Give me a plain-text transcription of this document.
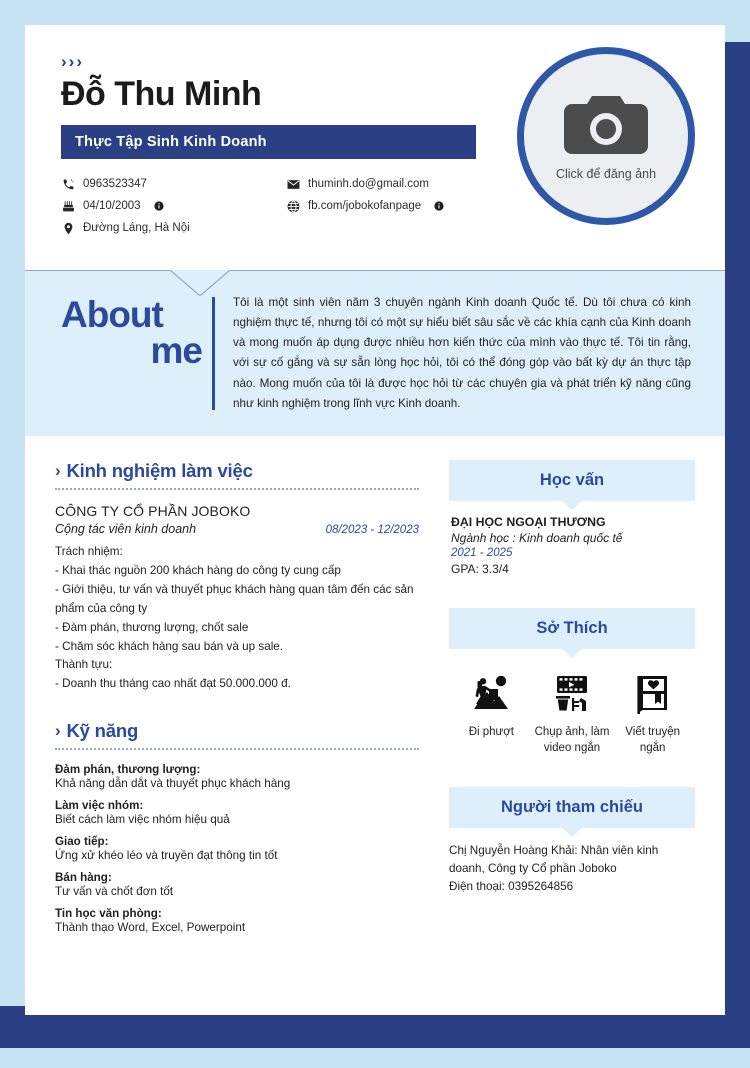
›››
Đỗ Thu Minh
Thực Tập Sinh Kinh Doanh
0963523347
04/10/2003
Đường Láng, Hà Nội
thuminh.do@gmail.com
fb.com/jobokofanpage
Click để đăng ảnh
About
me
Tôi là một sinh viên năm 3 chuyên ngành Kinh doanh Quốc tế. Dù tôi chưa có kinh nghiệm thực tế, nhưng tôi có một sự hiểu biết sâu sắc về các khía cạnh của Kinh doanh và mong muốn áp dụng được nhiều hơn kiến thức của mình vào thực tế. Tôi tin rằng, với sự cố gắng và sự sẵn lòng học hỏi, tôi có thể đóng góp vào bất kỳ dự án thực tập nào. Mong muốn của tôi là được học hỏi từ các chuyên gia và phát triển kỹ năng cũng như kinh nghiệm trong lĩnh vực Kinh doanh.
› Kinh nghiệm làm việc
CÔNG TY CỔ PHẦN JOBOKO
Cộng tác viên kinh doanh	08/2023 - 12/2023
Trách nhiệm:
- Khai thác nguồn 200 khách hàng do công ty cung cấp
- Giới thiệu, tư vấn và thuyết phục khách hàng quan tâm đến các sản phẩm của công ty
- Đàm phán, thương lượng, chốt sale
- Chăm sóc khách hàng sau bán và up sale.
Thành tựu:
- Doanh thu tháng cao nhất đạt 50.000.000 đ.
› Kỹ năng
Đàm phán, thương lượng:
Khả năng dẫn dắt và thuyết phục khách hàng
Làm việc nhóm:
Biết cách làm việc nhóm hiệu quả
Giao tiếp:
Ứng xử khéo léo và truyền đạt thông tin tốt
Bán hàng:
Tư vấn và chốt đơn tốt
Tin học văn phòng:
Thành thạo Word, Excel, Powerpoint
Học vấn
ĐẠI HỌC NGOẠI THƯƠNG
Ngành học : Kinh doanh quốc tế
2021 - 2025
GPA: 3.3/4
Sở Thích
Đi phượt	Chụp ảnh, làm video ngắn
Viết truyện ngắn
Người tham chiếu
Chị Nguyễn Hoàng Khải: Nhân viên kinh
doanh, Công ty Cổ phần Joboko
Điện thoại: 0395264856
